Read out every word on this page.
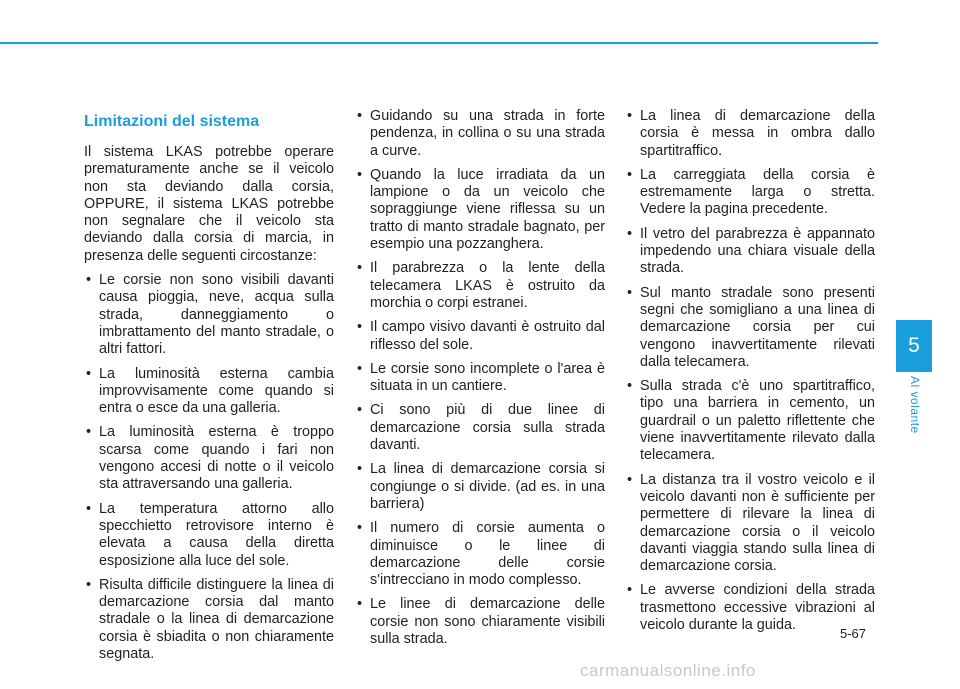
Limitazioni del sistema

Il sistema LKAS potrebbe operare prematuramente anche se il veicolo non sta deviando dalla corsia, OPPURE, il sistema LKAS potrebbe non segnalare che il veicolo sta deviando dalla corsia di marcia, in presenza delle seguenti circostanze:

• Le corsie non sono visibili davanti causa pioggia, neve, acqua sulla strada, danneggiamento o imbrattamento del manto stradale, o altri fattori.
• La luminosità esterna cambia improvvisamente come quando si entra o esce da una galleria.
• La luminosità esterna è troppo scarsa come quando i fari non vengono accesi di notte o il veicolo sta attraversando una galleria.
• La temperatura attorno allo specchietto retrovisore interno è elevata a causa della diretta esposizione alla luce del sole.
• Risulta difficile distinguere la linea di demarcazione corsia dal manto stradale o la linea di demarcazione corsia è sbiadita o non chiaramente segnata.
• Guidando su una strada in forte pendenza, in collina o su una strada a curve.
• Quando la luce irradiata da un lampione o da un veicolo che sopraggiunge viene riflessa su un tratto di manto stradale bagnato, per esempio una pozzanghera.
• Il parabrezza o la lente della telecamera LKAS è ostruito da morchia o corpi estranei.
• Il campo visivo davanti è ostruito dal riflesso del sole.
• Le corsie sono incomplete o l'area è situata in un cantiere.
• Ci sono più di due linee di demarcazione corsia sulla strada davanti.
• La linea di demarcazione corsia si congiunge o si divide. (ad es. in una barriera)
• Il numero di corsie aumenta o diminuisce o le linee di demarcazione delle corsie s'intrecciano in modo complesso.
• Le linee di demarcazione delle corsie non sono chiaramente visibili sulla strada.
• La linea di demarcazione della corsia è messa in ombra dallo spartitraffico.
• La carreggiata della corsia è estremamente larga o stretta. Vedere la pagina precedente.
• Il vetro del parabrezza è appannato impedendo una chiara visuale della strada.
• Sul manto stradale sono presenti segni che somigliano a una linea di demarcazione corsia per cui vengono inavvertitamente rilevati dalla telecamera.
• Sulla strada c'è uno spartitraffico, tipo una barriera in cemento, un guardrail o un paletto riflettente che viene inavvertitamente rilevato dalla telecamera.
• La distanza tra il vostro veicolo e il veicolo davanti non è sufficiente per permettere di rilevare la linea di demarcazione corsia o il veicolo davanti viaggia stando sulla linea di demarcazione corsia.
• Le avverse condizioni della strada trasmettono eccessive vibrazioni al veicolo durante la guida.
5
Al volante
5-67
carmanualsonline.info
